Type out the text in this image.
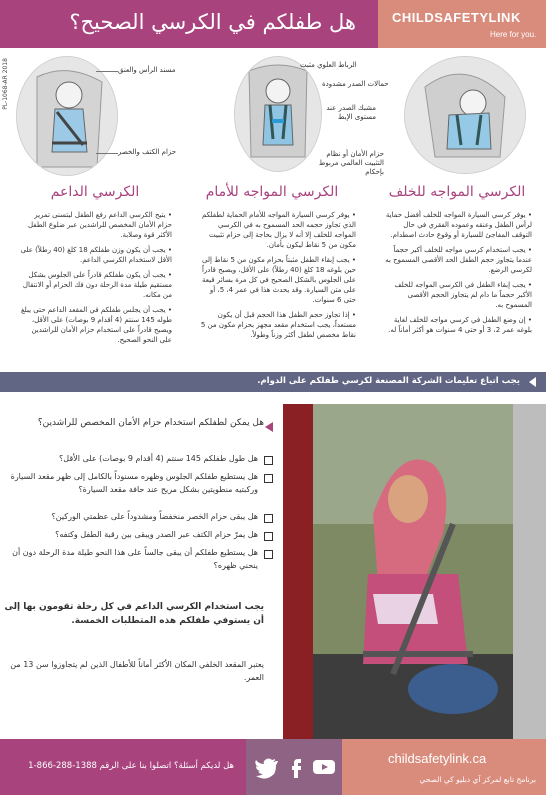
هل طفلكم في الكرسي الصحيح؟	CHILDSAFETYLINK
Here for you.
PL-1068-AR 2018	مسند الرأس والعنق
حزام الكتف والخصر
الرباط العلوي مثبت
حمالات الصدر مشدودة
مشبك الصدر عند مستوى الإبط
حزام الأمان أو نظام التثبيت العالمي مربوط بإحكام
الكرسي المواجه للخلف
الكرسي المواجه للأمام
الكرسي الداعم

• يوفر كرسي السيارة المواجه للخلف أفضل حماية لرأس الطفل وعنقه وعموده الفقري في حال التوقف المفاجئ للسيارة أو وقوع حادث اصطدام.

• يجب استخدام كرسي مواجه للخلف أكبر حجماً عندما يتجاوز حجم الطفل الحد الأقصى المسموح به لكرسي الرضع.

• يجب إبقاء الطفل في الكرسي المواجه للخلف الأكبر حجماً ما دام لم يتجاوز الحجم الأقصى المسموح به.

• إن وضع الطفل في كرسي مواجه للخلف لغاية بلوغه عمر 2، 3 أو حتى 4 سنوات هو أكثر أماناً له.

• يوفر كرسي السيارة المواجه للأمام الحماية لطفلكم الذي تجاوز حجمه الحد المسموح به في الكرسي المواجه للخلف إلا أنه لا يزال بحاجة إلى حزام تثبيت مكون من 5 نقاط ليكون بأمان.

• يجب إبقاء الطفل مثبتاً بحزام مكون من 5 نقاط إلى حين بلوغه 18 كلغ (40 رطلاً) على الأقل، ويصبح قادراً على الجلوس بالشكل الصحيح في كل مرة بسائر قيعة على متن السيارة. وقد يحدث هذا في عمر 4، 5، أو حتى 6 سنوات.

• إذا تجاوز حجم الطفل هذا الحجم قبل أن يكون مستعداً، يجب استخدام مقعد مجهز بحزام مكون من 5 نقاط مخصص لطفل أكثر وزناً وطولاً.

• يتيح الكرسي الداعم رفع الطفل ليتسنى تمرير حزام الأمان المخصص للراشدين عبر ضلوع الطفل الأكثر قوة وصلابة.

• يجب أن يكون وزن طفلكم 18 كلغ (40 رطلاً) على الأقل لاستخدام الكرسي الداعم.

• يجب أن يكون طفلكم قادراً على الجلوس بشكل مستقيم طيلة مدة الرحلة دون فك الحزام أو الانتقال من مكانه.

• يجب أن يجلس طفلكم في المقعد الداعم حتى يبلغ طوله 145 سنتم (4 أقدام 9 بوصات) على الأقل، ويصبح قادراً على استخدام حزام الأمان للراشدين على النحو الصحيح.

يجب اتباع تعليمات الشركة المصنعة لكرسي طفلكم على الدوام.
هل يمكن لطفلكم استخدام حزام الأمان المخصص للراشدين؟
هل طول طفلكم 145 سنتم (4 أقدام 9 بوصات) على الأقل؟
هل يستطيع طفلكم الجلوس وظهره مسنوداً بالكامل إلى ظهر مقعد السيارة وركبتيه منطويتين بشكل مريح عند حافة مقعد السيارة؟
هل يبقى حزام الخصر منخفضاً ومشدوداً على عظمتي الوركين؟
هل يمرّ حزام الكتف عبر الصدر ويبقى بين رقبة الطفل وكتفه؟
هل يستطيع طفلكم أن يبقى جالساً على هذا النحو طيلة مدة الرحلة دون أن ينحني ظهره؟
يجب استخدام الكرسي الداعم في كل رحلة تقومون بها إلى أن يستوفي طفلكم هذه المتطلبات الخمسة.
يعتبر المقعد الخلفي المكان الأكثر أماناً للأطفال الذين لم يتجاوزوا سن 13 من العمر.
هل لديكم أسئلة؟ اتصلوا بنا على الرقم 1388-288-866-1	childsafetylink.ca
برنامج تابع لمركز آي دبليو كي الصحي
